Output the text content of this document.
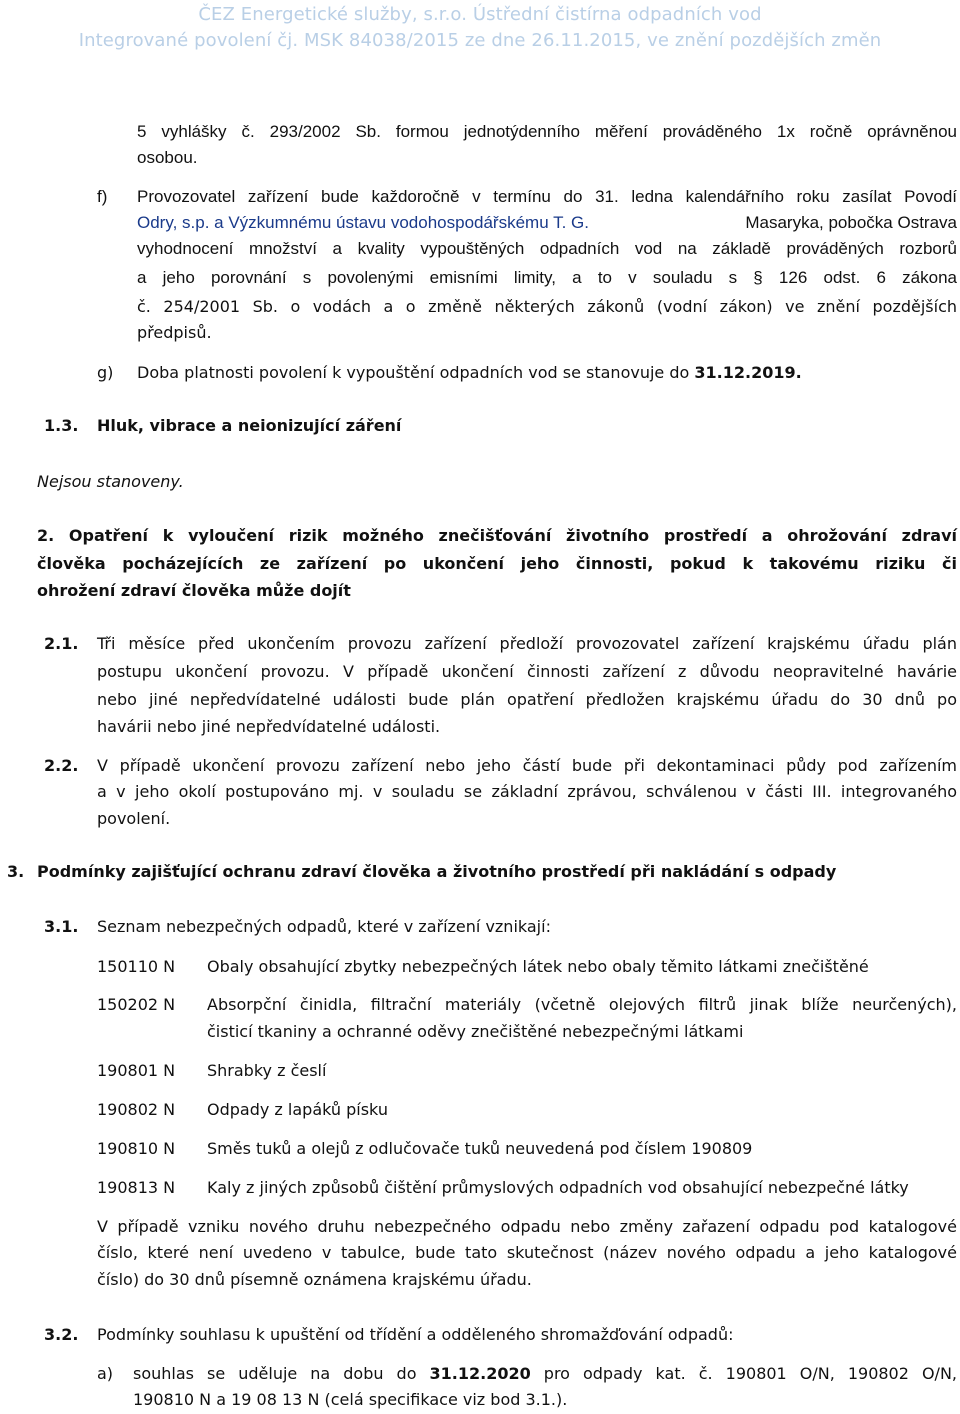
ČEZ Energetické služby, s.r.o. Ústřední čistírna odpadních vod
Integrované povolení čj. MSK 84038/2015 ze dne 26.11.2015, ve znění pozdějších změn
5 vyhlášky č. 293/2002 Sb. formou jednotýdenního měření prováděného 1x ročně oprávněnou
osobou.
f) Provozovatel zařízení bude každoročně v termínu do 31. ledna kalendářního roku zasílat Povodí
Odry, s.p. a Výzkumnému ústavu vodohospodářskému T. G.	Masaryka, pobočka Ostrava
vyhodnocení množství a kvality vypouštěných odpadních vod na základě prováděných rozborů
a jeho porovnání s povolenými emisními limity, a to v souladu s § 126 odst. 6 zákona
č. 254/2001 Sb. o vodách a o změně některých zákonů (vodní zákon) ve znění pozdějších
předpisů.
g) Doba platnosti povolení k vypouštění odpadních vod se stanovuje do 31.12.2019.
1.3. Hluk, vibrace a neionizující záření
Nejsou stanoveny.
2. Opatření k vyloučení rizik možného znečišťování životního prostředí a ohrožování zdraví
člověka pocházejících ze zařízení po ukončení jeho činnosti, pokud k takovému riziku či
ohrožení zdraví člověka může dojít
2.1. Tři měsíce před ukončením provozu zařízení předloží provozovatel zařízení krajskému úřadu plán
postupu ukončení provozu. V případě ukončení činnosti zařízení z důvodu neopravitelné havárie
nebo jiné nepředvídatelné události bude plán opatření předložen krajskému úřadu do 30 dnů po
havárii nebo jiné nepředvídatelné události.
2.2. V případě ukončení provozu zařízení nebo jeho částí bude při dekontaminaci půdy pod zařízením
a v jeho okolí postupováno mj. v souladu se základní zprávou, schválenou v části III. integrovaného
povolení.
3. Podmínky zajišťující ochranu zdraví člověka a životního prostředí při nakládání s odpady
3.1. Seznam nebezpečných odpadů, které v zařízení vznikají:
150110 N Obaly obsahující zbytky nebezpečných látek nebo obaly těmito látkami znečištěné
150202 N Absorpční činidla, filtrační materiály (včetně olejových filtrů jinak blíže neurčených),
čisticí tkaniny a ochranné oděvy znečištěné nebezpečnými látkami
190801 N Shrabky z česlí
190802 N Odpady z lapáků písku
190810 N Směs tuků a olejů z odlučovače tuků neuvedená pod číslem 190809
190813 N Kaly z jiných způsobů čištění průmyslových odpadních vod obsahující nebezpečné látky
V případě vzniku nového druhu nebezpečného odpadu nebo změny zařazení odpadu pod katalogové
číslo, které není uvedeno v tabulce, bude tato skutečnost (název nového odpadu a jeho katalogové
číslo) do 30 dnů písemně oznámena krajskému úřadu.
3.2. Podmínky souhlasu k upuštění od třídění a odděleného shromažďování odpadů:
a) souhlas se uděluje na dobu do 31.12.2020 pro odpady kat. č. 190801 O/N, 190802 O/N,
190810 N a 19 08 13 N (celá specifikace viz bod 3.1.).
